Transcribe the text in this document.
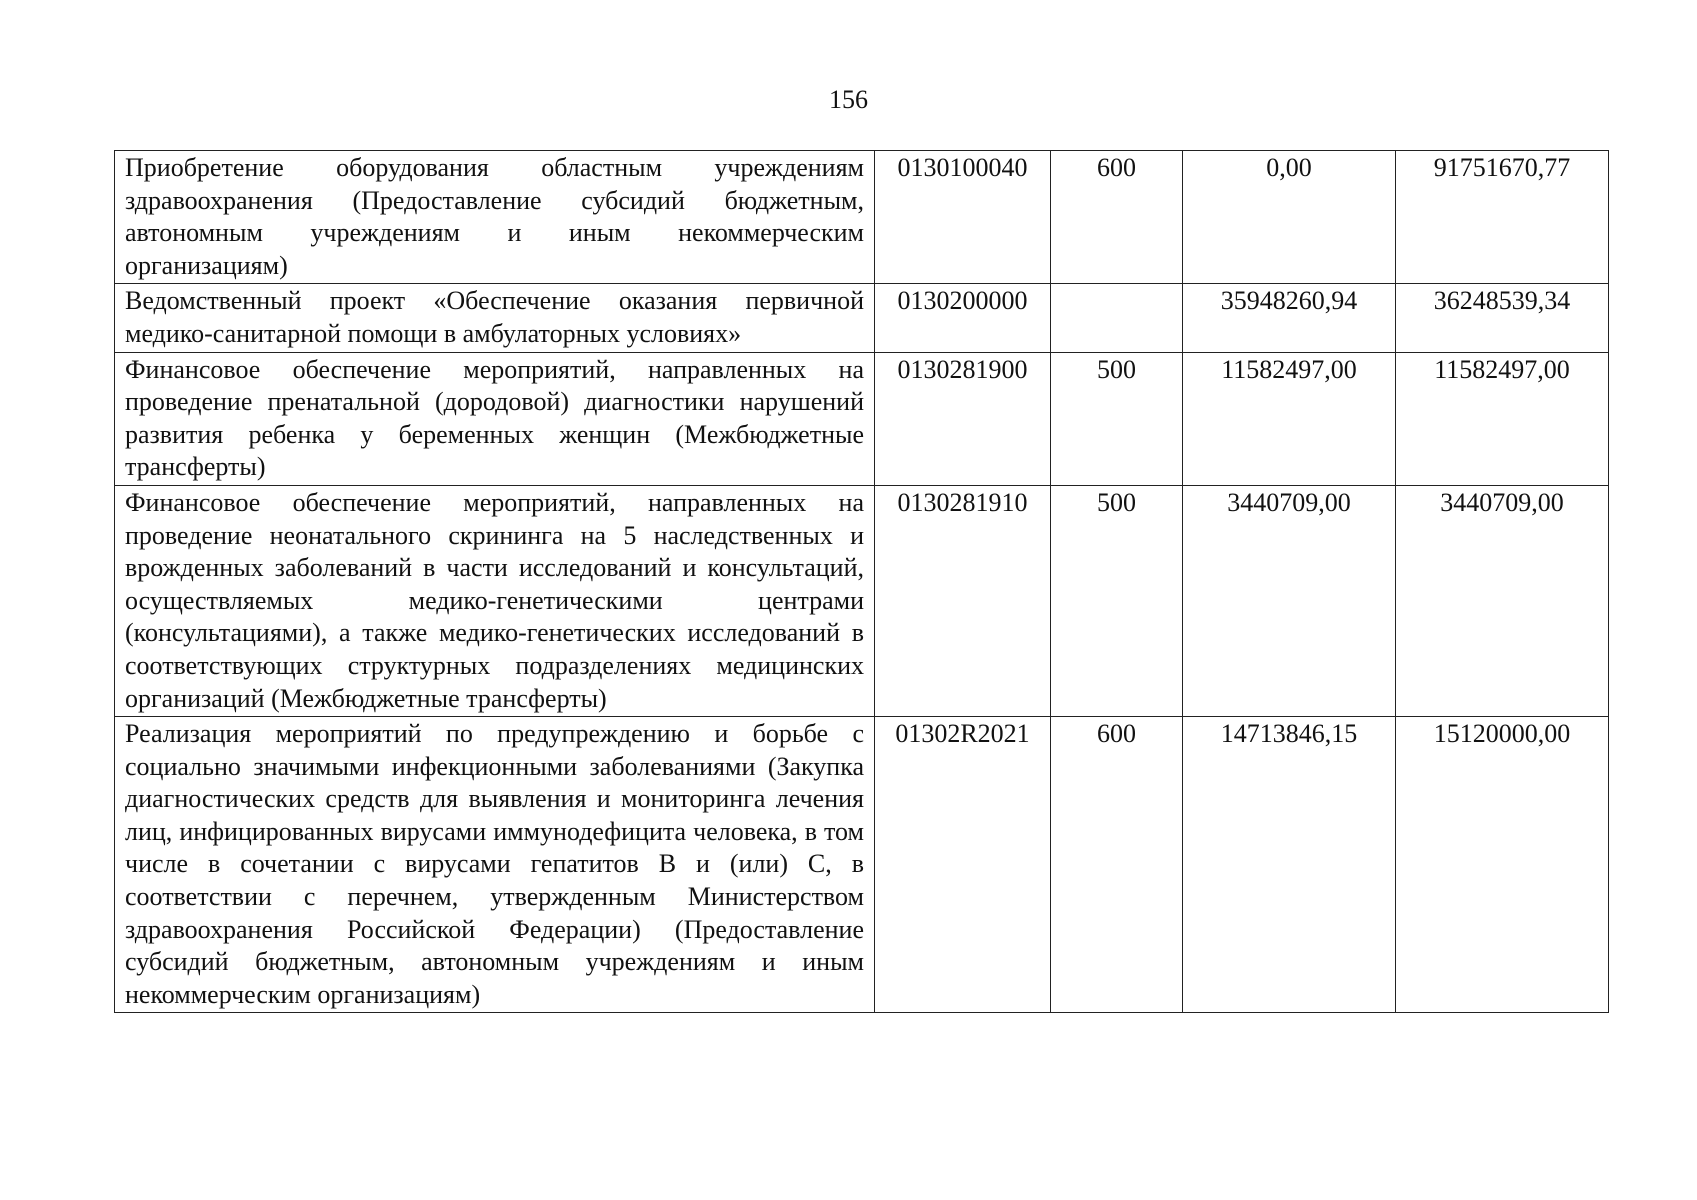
156
Приобретение оборудования областным учреждениям здравоохранения (Предоставление субсидий бюджетным, автономным учреждениям и иным некоммерческим организациям)	0130100040	600	0,00	91751670,77
Ведомственный проект «Обеспечение оказания первичной медико-санитарной помощи в амбулаторных условиях»	0130200000		35948260,94	36248539,34
Финансовое обеспечение мероприятий, направленных на проведение пренатальной (дородовой) диагностики нарушений развития ребенка у беременных женщин (Межбюджетные трансферты)	0130281900	500	11582497,00	11582497,00
Финансовое обеспечение мероприятий, направленных на проведение неонатального скрининга на 5 наследственных и врожденных заболеваний в части исследований и консультаций, осуществляемых медико-генетическими центрами (консультациями), а также медико-генетических исследований в соответствующих структурных подразделениях медицинских организаций (Межбюджетные трансферты)	0130281910	500	3440709,00	3440709,00
Реализация мероприятий по предупреждению и борьбе с социально значимыми инфекционными заболеваниями (Закупка диагностических средств для выявления и мониторинга лечения лиц, инфицированных вирусами иммунодефицита человека, в том числе в сочетании с вирусами гепатитов B и (или) C, в соответствии с перечнем, утвержденным Министерством здравоохранения Российской Федерации) (Предоставление субсидий бюджетным, автономным учреждениям и иным некоммерческим организациям)	01302R2021	600	14713846,15	15120000,00
